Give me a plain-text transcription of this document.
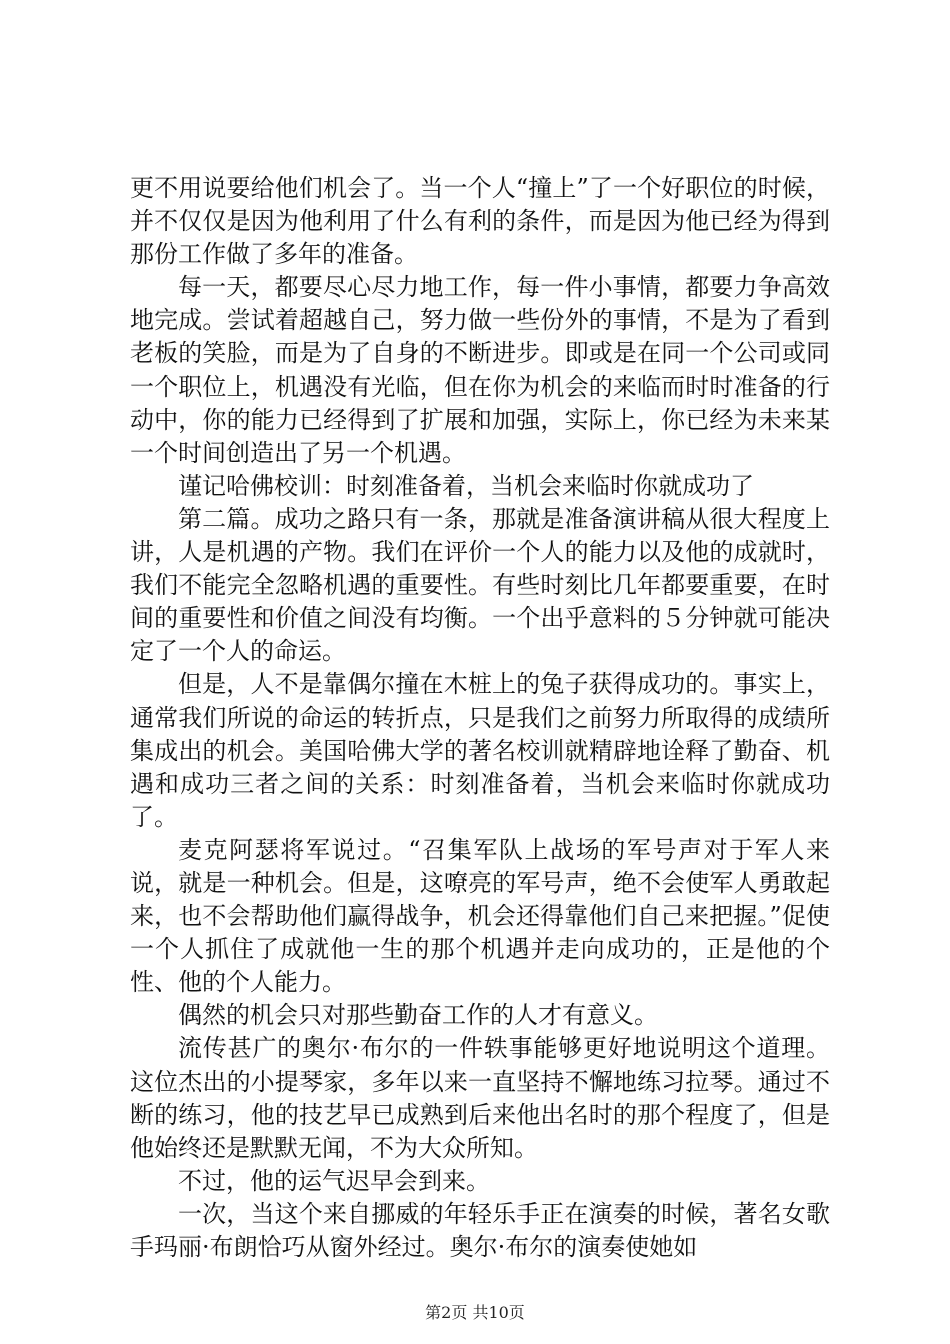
更不用说要给他们机会了。当一个人“撞上”了一个好职位的时候，并不仅仅是因为他利用了什么有利的条件，而是因为他已经为得到那份工作做了多年的准备。

每一天，都要尽心尽力地工作，每一件小事情，都要力争高效地完成。尝试着超越自己，努力做一些份外的事情，不是为了看到老板的笑脸，而是为了自身的不断进步。即或是在同一个公司或同一个职位上，机遇没有光临，但在你为机会的来临而时时准备的行动中，你的能力已经得到了扩展和加强，实际上，你已经为未来某一个时间创造出了另一个机遇。

谨记哈佛校训：时刻准备着，当机会来临时你就成功了

第二篇。成功之路只有一条，那就是准备演讲稿从很大程度上讲，人是机遇的产物。我们在评价一个人的能力以及他的成就时，我们不能完全忽略机遇的重要性。有些时刻比几年都要重要，在时间的重要性和价值之间没有均衡。一个出乎意料的５分钟就可能决定了一个人的命运。

但是，人不是靠偶尔撞在木桩上的兔子获得成功的。事实上，通常我们所说的命运的转折点，只是我们之前努力所取得的成绩所集成出的机会。美国哈佛大学的著名校训就精辟地诠释了勤奋、机遇和成功三者之间的关系：时刻准备着，当机会来临时你就成功了。

麦克阿瑟将军说过。“召集军队上战场的军号声对于军人来说，就是一种机会。但是，这嘹亮的军号声，绝不会使军人勇敢起来，也不会帮助他们赢得战争，机会还得靠他们自己来把握。”促使一个人抓住了成就他一生的那个机遇并走向成功的，正是他的个性、他的个人能力。

偶然的机会只对那些勤奋工作的人才有意义。

流传甚广的奥尔·布尔的一件轶事能够更好地说明这个道理。这位杰出的小提琴家，多年以来一直坚持不懈地练习拉琴。通过不断的练习，他的技艺早已成熟到后来他出名时的那个程度了，但是他始终还是默默无闻，不为大众所知。

不过，他的运气迟早会到来。

一次，当这个来自挪威的年轻乐手正在演奏的时候，著名女歌手玛丽·布朗恰巧从窗外经过。奥尔·布尔的演奏使她如

第2页 共10页
